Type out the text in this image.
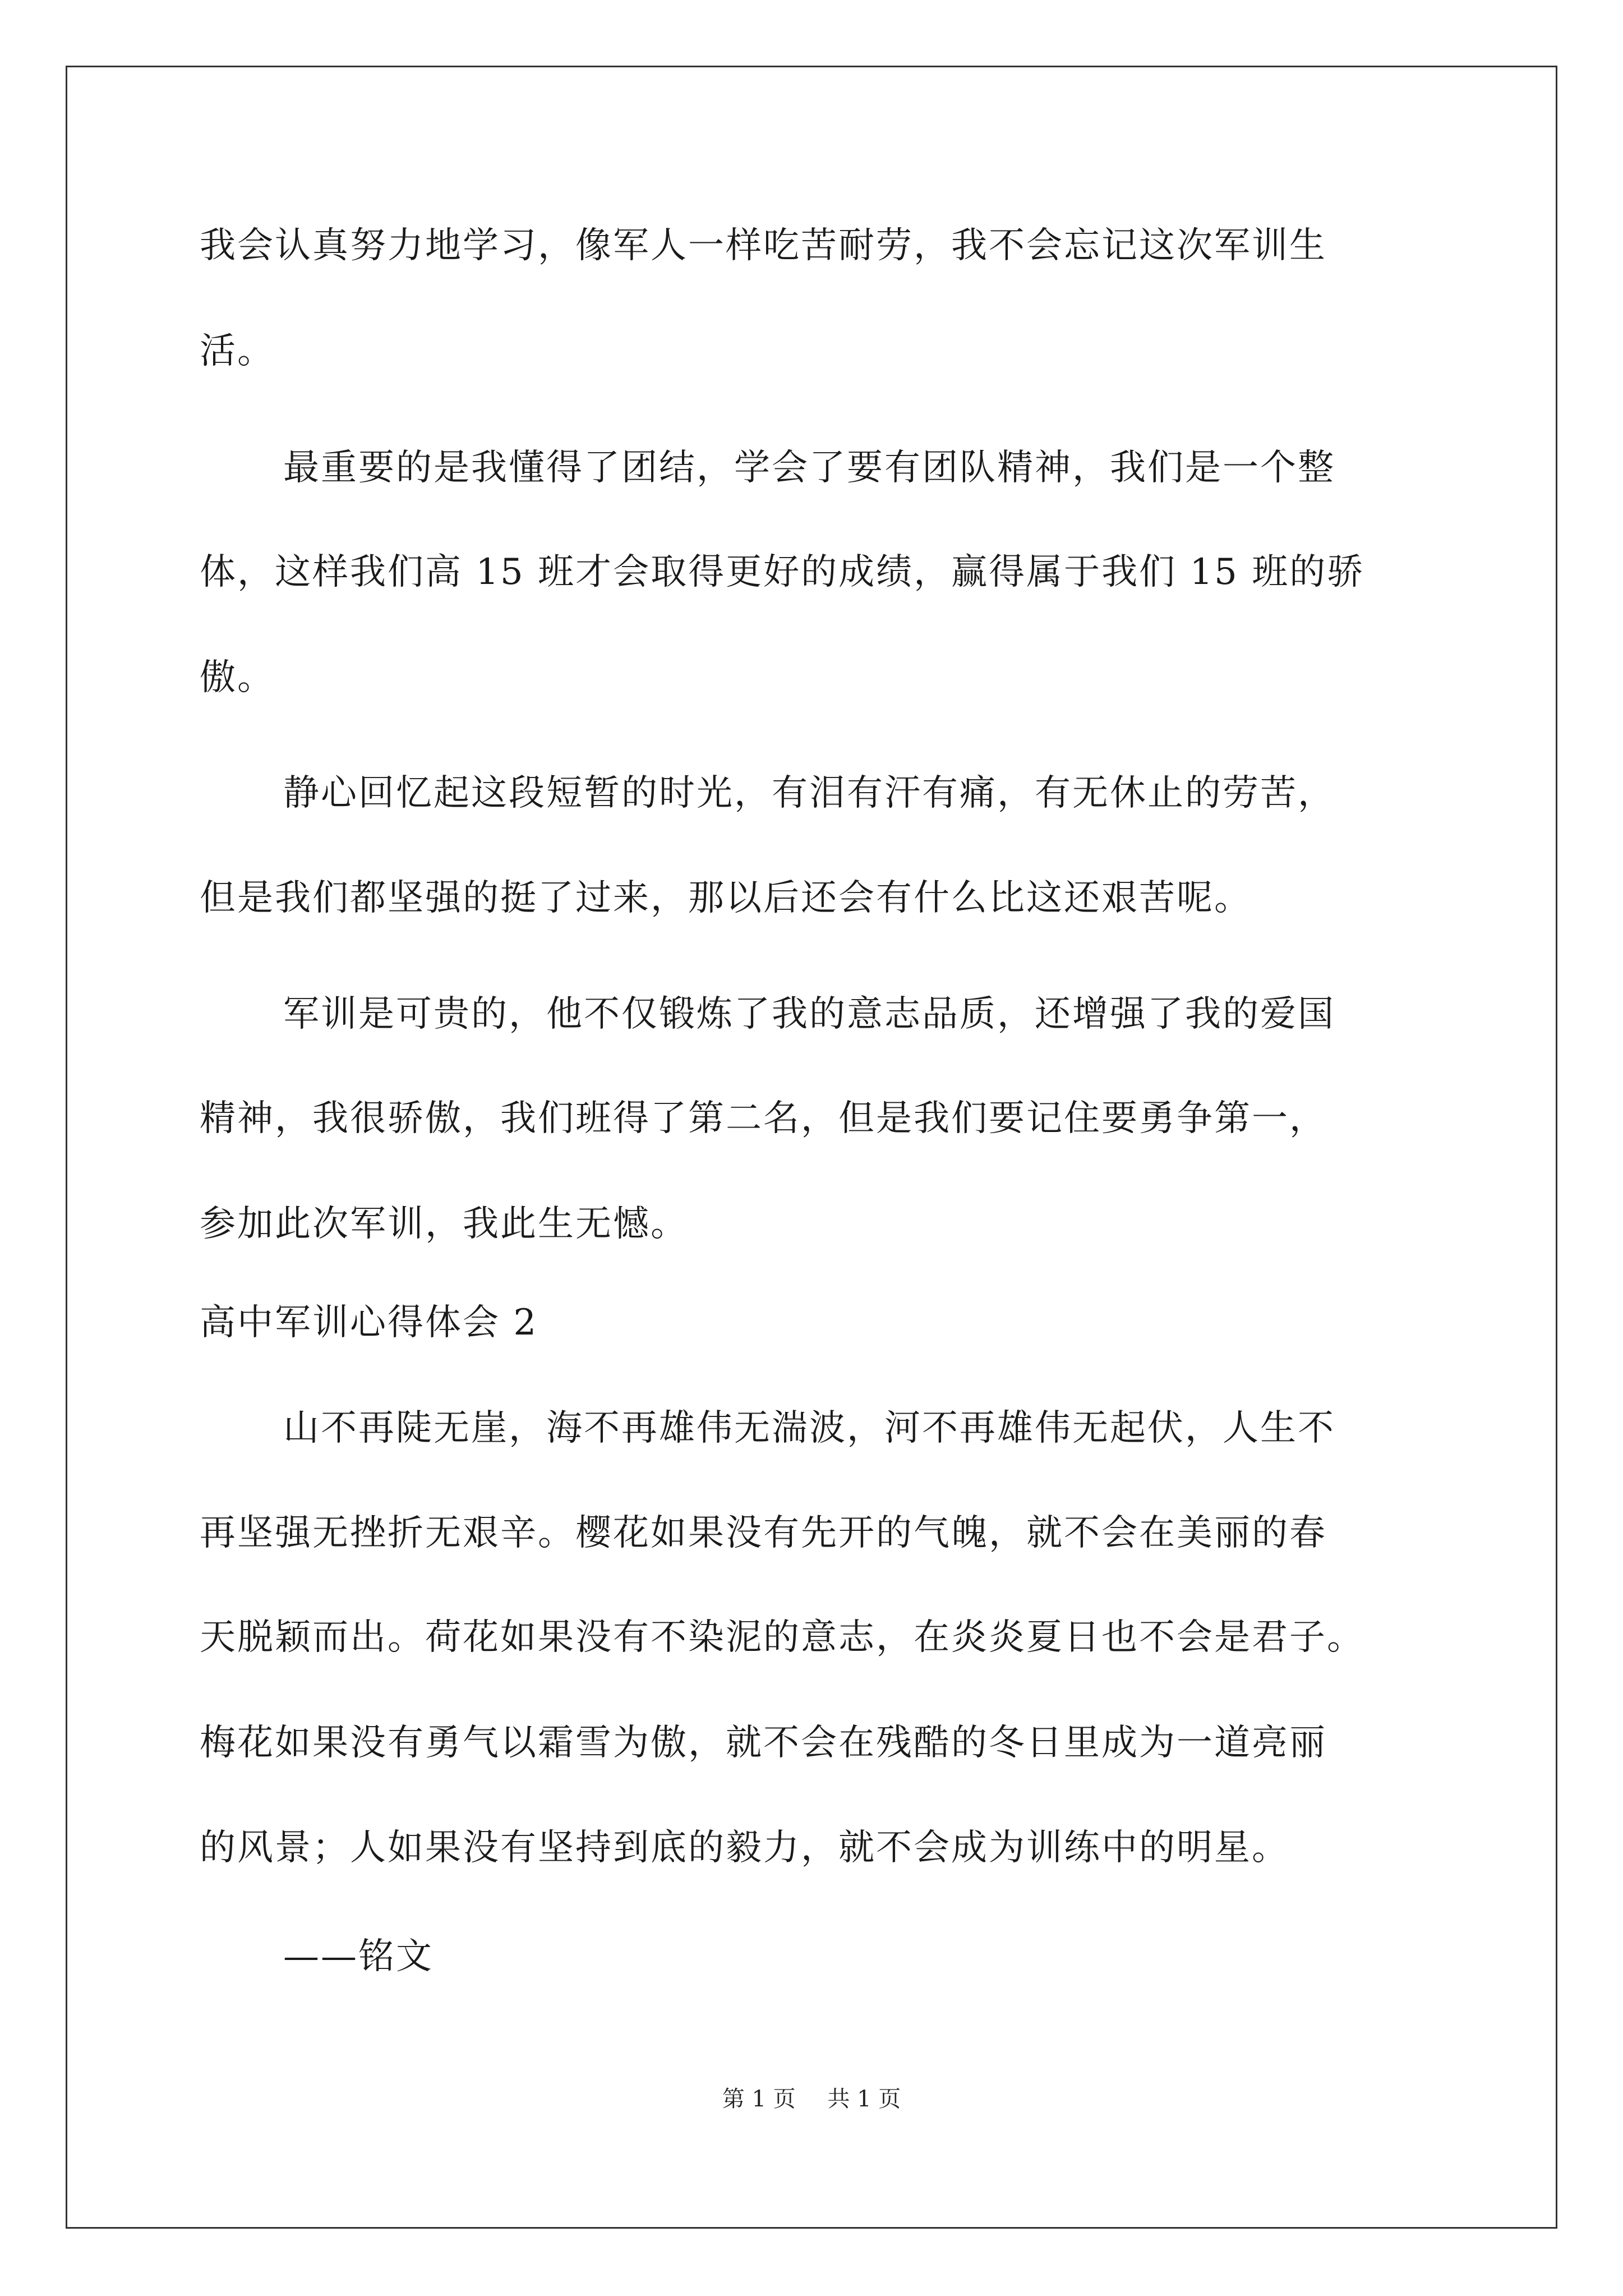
我会认真努力地学习，像军人一样吃苦耐劳，我不会忘记这次军训生
活。
最重要的是我懂得了团结，学会了要有团队精神，我们是一个整
体，这样我们高 15 班才会取得更好的成绩，赢得属于我们 15 班的骄
傲。
静心回忆起这段短暂的时光，有泪有汗有痛，有无休止的劳苦，
但是我们都坚强的挺了过来，那以后还会有什么比这还艰苦呢。
军训是可贵的，他不仅锻炼了我的意志品质，还增强了我的爱国
精神，我很骄傲，我们班得了第二名，但是我们要记住要勇争第一，
参加此次军训，我此生无憾。
高中军训心得体会 2
山不再陡无崖，海不再雄伟无湍波，河不再雄伟无起伏，人生不
再坚强无挫折无艰辛。樱花如果没有先开的气魄，就不会在美丽的春
天脱颖而出。荷花如果没有不染泥的意志，在炎炎夏日也不会是君子。
梅花如果没有勇气以霜雪为傲，就不会在残酷的冬日里成为一道亮丽
的风景；人如果没有坚持到底的毅力，就不会成为训练中的明星。
——铭文
第 1 页 共 1 页
